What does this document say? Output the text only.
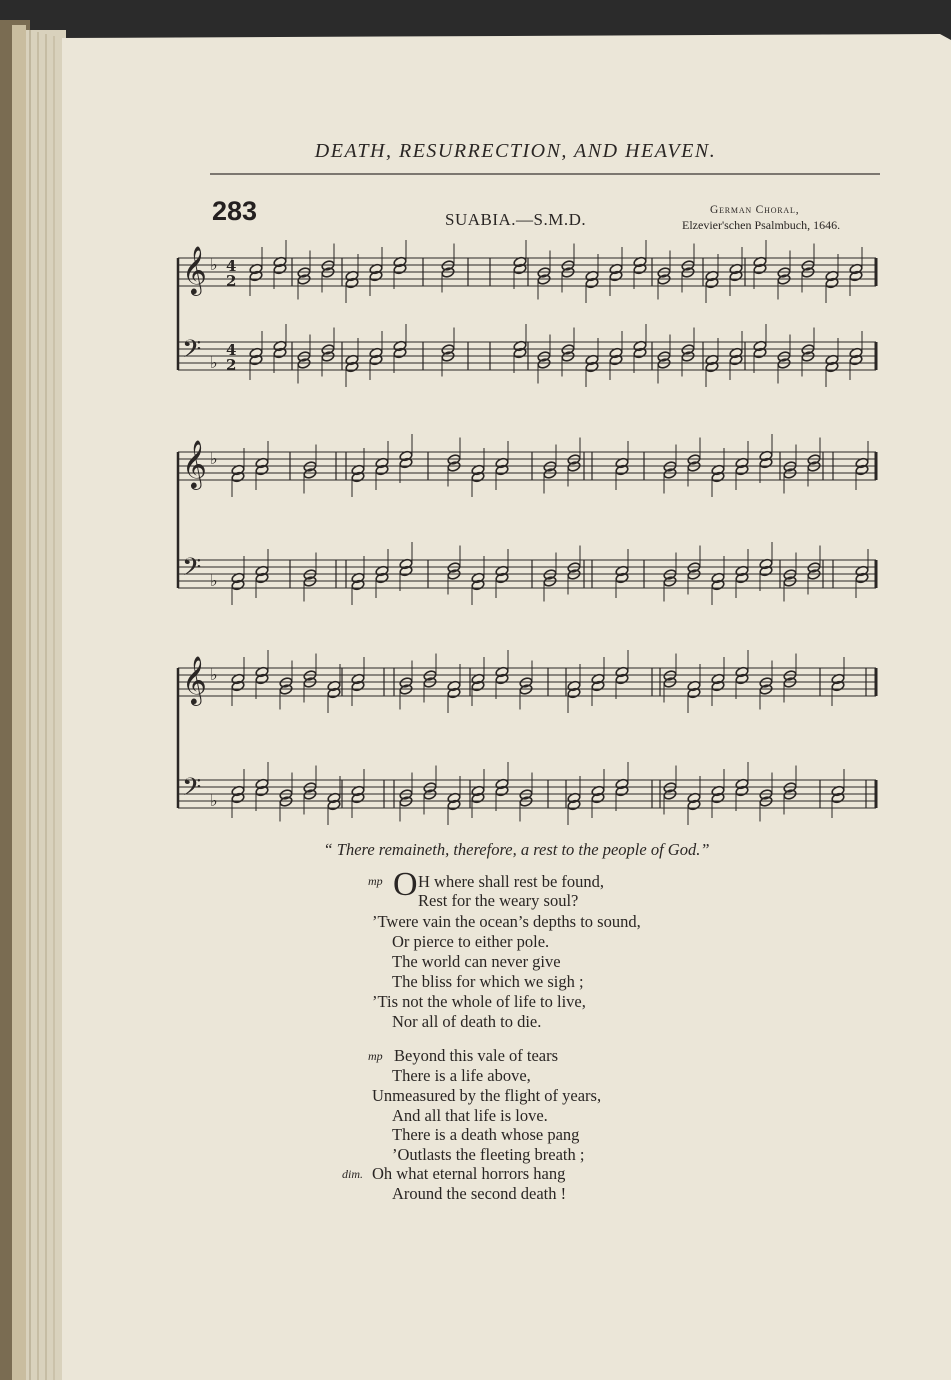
𝄞 ♭ 4
2
𝄢 ♭
4
2
𝄞 ♭
𝄢 ♭
𝄞 ♭
𝄢 ♭
DEATH, RESURRECTION, AND HEAVEN.
283	SUABIA.—S.M.D.	German Choral,
Elzevier'schen Psalmbuch, 1646.
“ There remaineth, therefore, a rest to the people of God.”
mp O H where shall rest be found,
Rest for the weary soul?
’Twere vain the ocean’s depths to sound,
Or pierce to either pole.
The world can never give
The bliss for which we sigh ;
’Tis not the whole of life to live,
Nor all of death to die.
mp Beyond this vale of tears
There is a life above,
Unmeasured by the flight of years,
And all that life is love.
There is a death whose pang
’Outlasts the fleeting breath ;
dim. Oh what eternal horrors hang
Around the second death !
